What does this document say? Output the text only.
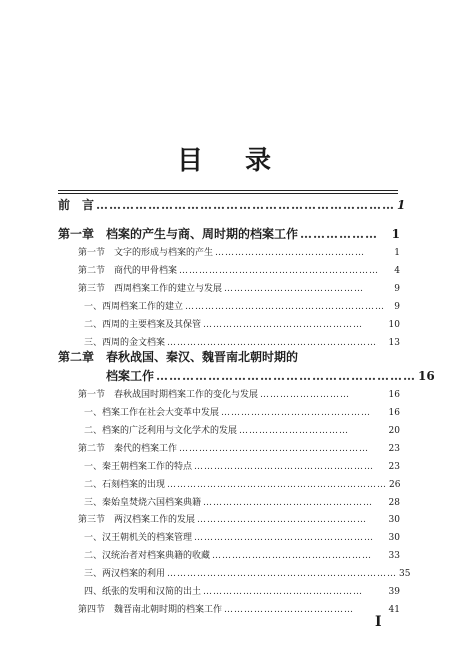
目 录
前　言 …………………………………………………………… 1
第一章　档案的产生与商、周时期的档案工作 ………………	1
第一节　文字的形成与档案的产生 ………………………………………	1
第二节　商代的甲骨档案 ……………………………………………………	4
第三节　西周档案工作的建立与发展 ……………………………………	9
一、西周档案工作的建立 ……………………………………………………	9
二、西周的主要档案及其保管 …………………………………………	10
三、西周的金文档案 ………………………………………………………	13
第二章　春秋战国、秦汉、魏晋南北朝时期的
　　　　档案工作 …………………………………………………… 16
第一节　春秋战国时期档案工作的变化与发展 ………………………	16
一、档案工作在社会大变革中发展 ………………………………………	16
二、档案的广泛利用与文化学术的发展 ……………………………	20
第二节　秦代的档案工作 …………………………………………………	23
一、秦王朝档案工作的特点 ………………………………………………	23
二、石刻档案的出现 ………………………………………………………… 26
三、秦始皇焚烧六国档案典籍 ……………………………………………	28
第三节　两汉档案工作的发展 ……………………………………………	30
一、汉王朝机关的档案管理 ………………………………………………	30
二、汉统治者对档案典籍的收藏 …………………………………………	33
三、两汉档案的利用 …………………………………………………………… 35
四、纸张的发明和汉简的出土 …………………………………………	39
第四节　魏晋南北朝时期的档案工作 …………………………………	41
I
